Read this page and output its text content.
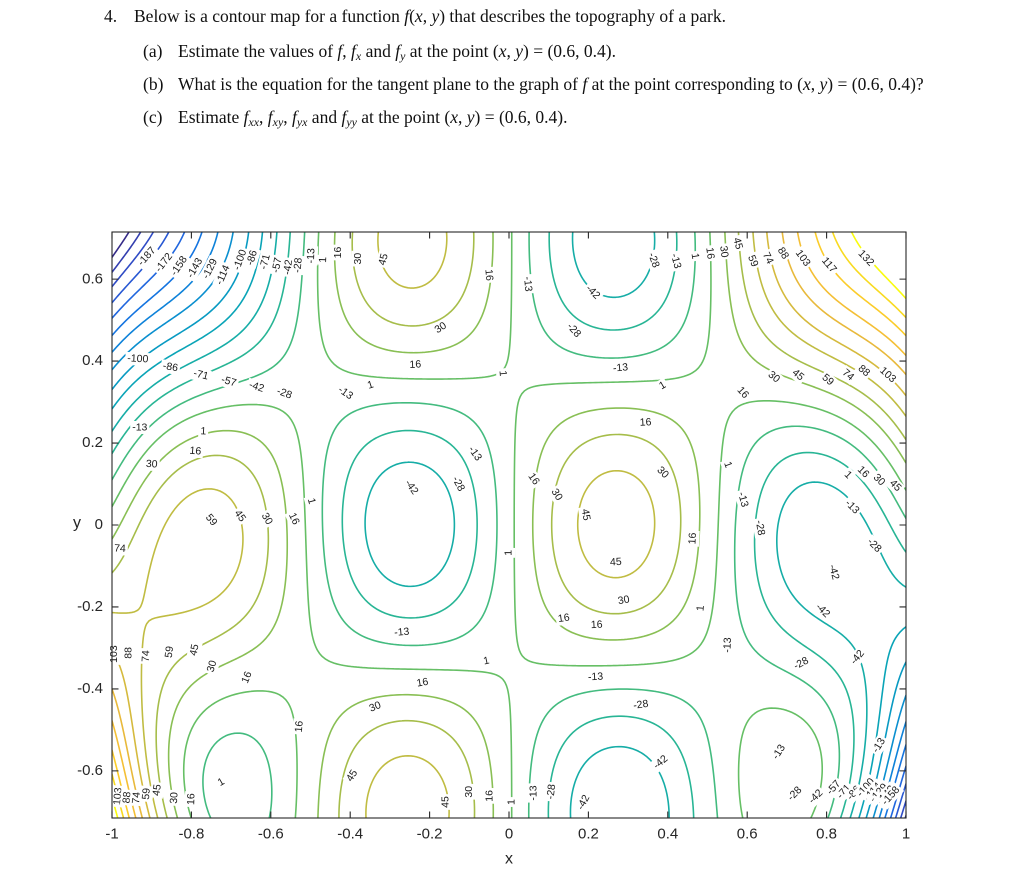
4. Below is a contour map for a function f(x, y) that describes the topography of a park.
(a) Estimate the values of f, fx and fy at the point (x, y) = (0.6, 0.4).
(b) What is the equation for the tangent plane to the graph of f at the point corresponding to (x, y) = (0.6, 0.4)?
(c) Estimate fxx, fxy, fyx and fyy at the point (x, y) = (0.6, 0.4).
